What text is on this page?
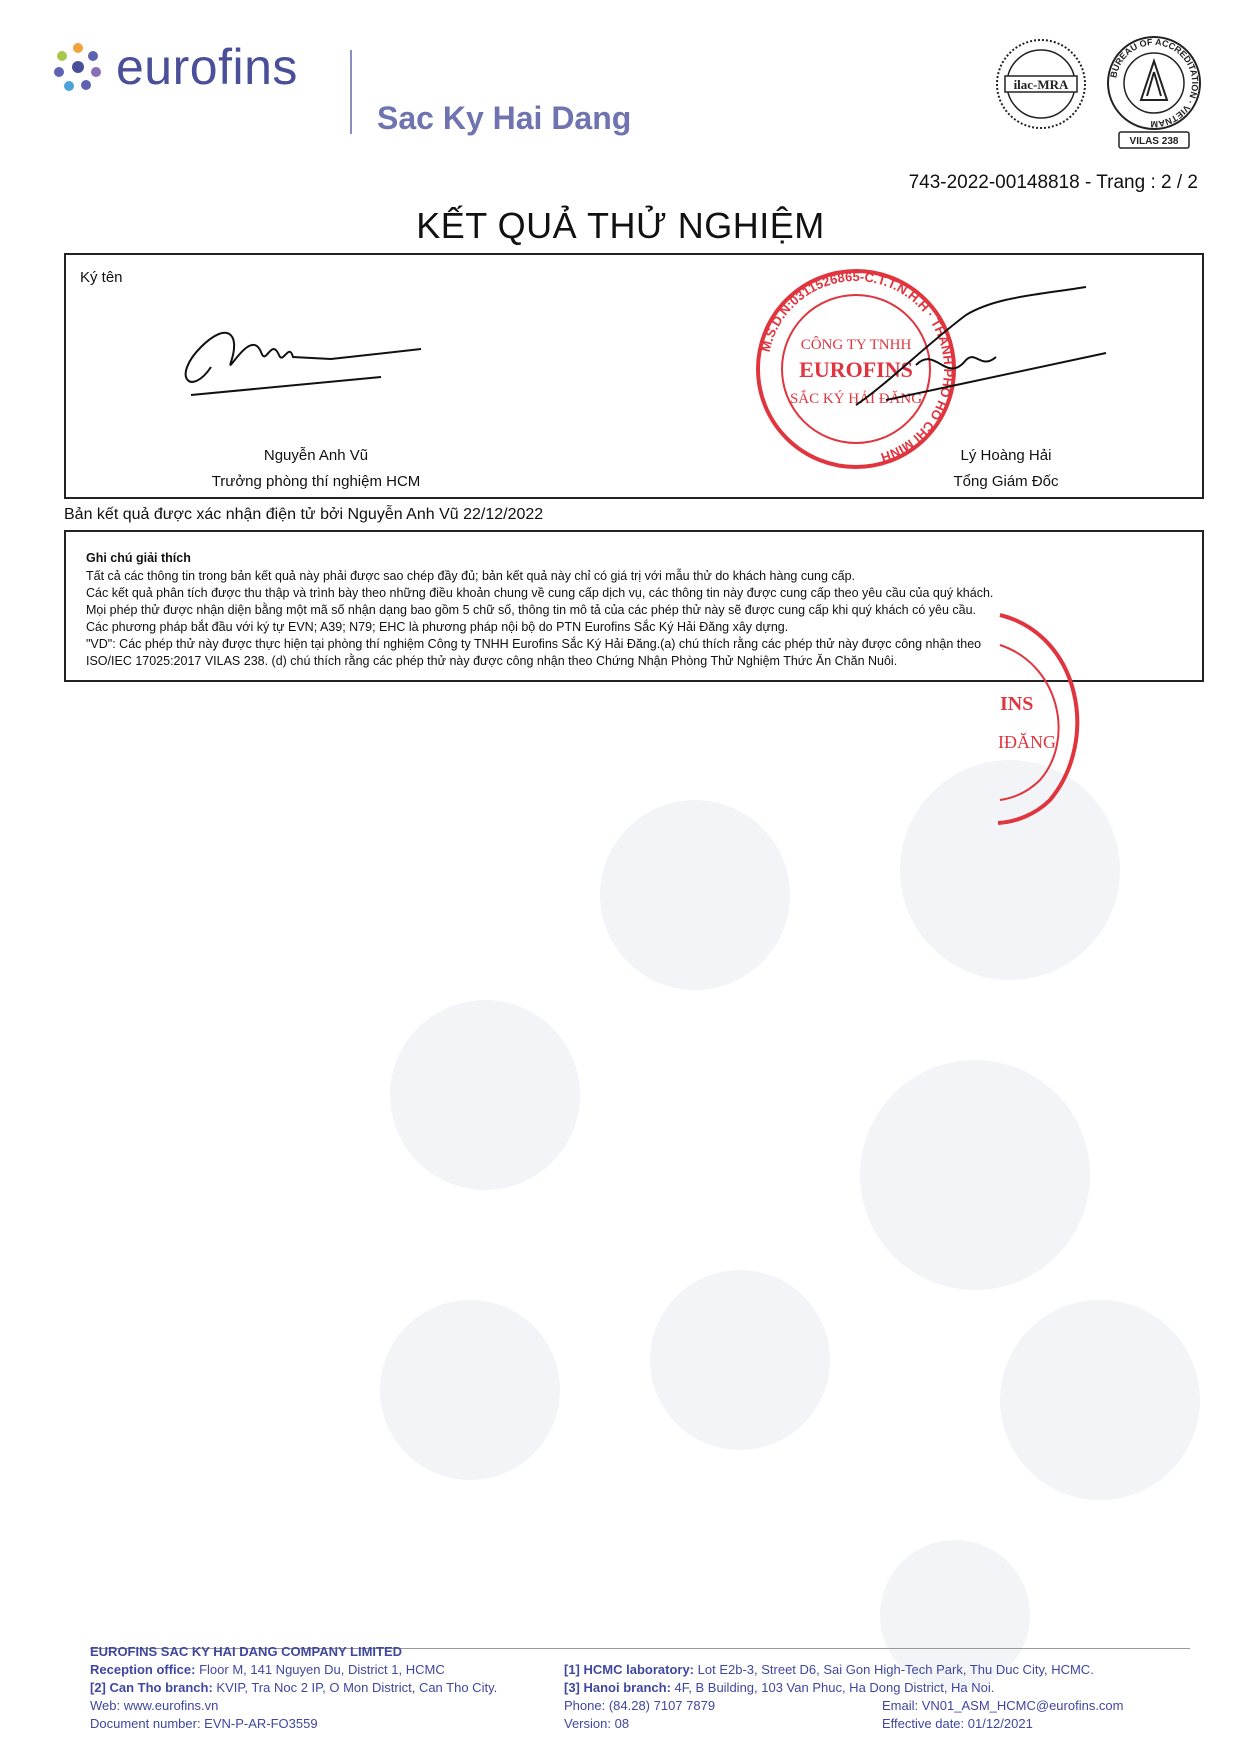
eurofins
Sac Ky Hai Dang
ilac-MRA
BUREAU OF ACCREDITATION · VIETNAM
VILAS 238
743-2022-00148818 - Trang : 2 / 2
KẾT QUẢ THỬ NGHIỆM
Ký tên
M.S.D.N:0311526865-C.T.T.N.H.H · THÀNH PHỐ HỒ CHÍ MINH
CÔNG TY TNHH
EUROFINS
SẮC KÝ HẢI ĐĂNG
Nguyễn Anh Vũ
Trưởng phòng thí nghiệm HCM
Lý Hoàng Hải
Tổng Giám Đốc
Bản kết quả được xác nhận điện tử bởi Nguyễn Anh Vũ 22/12/2022
Ghi chú giải thích
Tất cả các thông tin trong bản kết quả này phải được sao chép đầy đủ; bản kết quả này chỉ có giá trị với mẫu thử do khách hàng cung cấp.
Các kết quả phân tích được thu thập và trình bày theo những điều khoản chung về cung cấp dịch vụ, các thông tin này được cung cấp theo yêu cầu của quý khách.
Mọi phép thử được nhận diện bằng một mã số nhận dạng bao gồm 5 chữ số, thông tin mô tả của các phép thử này sẽ được cung cấp khi quý khách có yêu cầu.
Các phương pháp bắt đầu với ký tự EVN; A39; N79; EHC là phương pháp nội bộ do PTN Eurofins Sắc Ký Hải Đăng xây dựng.
"VD": Các phép thử này được thực hiện tại phòng thí nghiệm Công ty TNHH Eurofins Sắc Ký Hải Đăng.(a) chú thích rằng các phép thử này được công nhận theo
ISO/IEC 17025:2017 VILAS 238. (d) chú thích rằng các phép thử này được công nhận theo Chứng Nhận Phòng Thử Nghiệm Thức Ăn Chăn Nuôi.
INS
IĐĂNG
EUROFINS SAC KY HAI DANG COMPANY LIMITED
Reception office: Floor M, 141 Nguyen Du, District 1, HCMC
[2] Can Tho branch: KVIP, Tra Noc 2 IP, O Mon District, Can Tho City.
Web: www.eurofins.vn
Document number: EVN-P-AR-FO3559
[1] HCMC laboratory: Lot E2b-3, Street D6, Sai Gon High-Tech Park, Thu Duc City, HCMC.
[3] Hanoi branch: 4F, B Building, 103 Van Phuc, Ha Dong District, Ha Noi.
Phone: (84.28) 7107 7879	Email: VN01_ASM_HCMC@eurofins.com
Version: 08	Effective date: 01/12/2021
